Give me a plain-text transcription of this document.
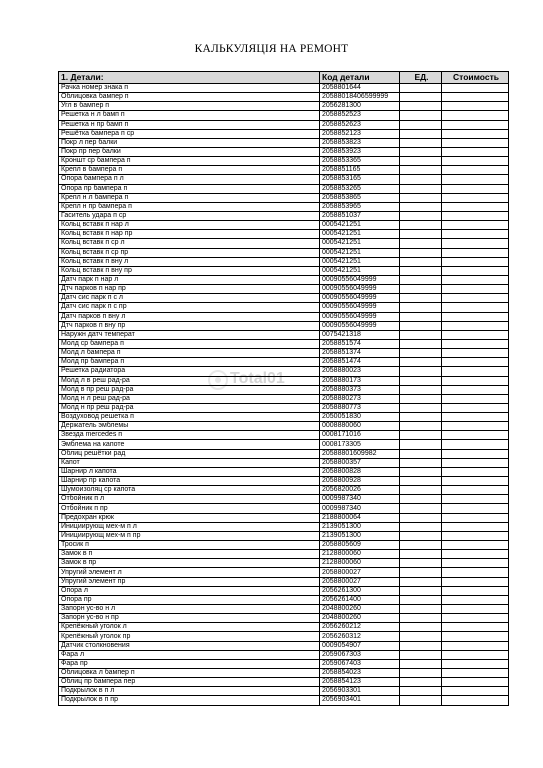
КАЛЬКУЛЯЦІЯ НА РЕМОНТ
Total01
1. Детали:	Код детали	ЕД.	Стоимость
Рачка номер знака п	2058801644		
Облицовка бампер п	20588018406599999		
Угл в бампер п	2056281300		
Решетка н л бамп п	2058852523		
Решетка н пр бамп п	2058852623		
Решётка бампера п ср	2058852123		
Покр л пер балки	2058853823		
Покр пр пер балки	2058853923		
Кроншт ср бампера п	2058853365		
Крепл в бампера п	2058851165		
Опора бампера п л	2058853165		
Опора пр бампера п	2058853265		
Крепл н л бампера п	2058853865		
Крепл н пр бампера п	2058853965		
Гаситель удара п ср	2058851037		
Кольц вставк п нар л	0005421251		
Кольц вставк п нар пр	0005421251		
Кольц вставк п ср л	0005421251		
Кольц вставк п ср пр	0005421251		
Кольц вставк п вну л	0005421251		
Кольц вставк п вну пр	0005421251		
Датч парк п нар л	00090556049999		
Дтч парков п нар пр	00090556049999		
Датч сис парк п с л	00090556049999		
Датч сис парк п с пр	00090556049999		
Датч парков п вну л	00090556049999		
Дтч парков п вну пр	00090556049999		
Наружн датч температ	0075421318		
Молд ср бампера п	2058851574		
Молд л бампера п	2058851374		
Молд пр бампера п	2058851474		
Решетка радиатора	2058880023		
Молд л в реш рад-ра	2058880173		
Молд в пр реш рад-ра	2058880373		
Молд н л реш рад-ра	2058880273		
Молд н пр реш рад-ра	2058880773		
Воздуховод решетка п	2050051830		
Держатель эмблемы	0008880060		
Звезда mercedes п	0008171016		
Эмблема на капоте	0008173305		
Облиц решётки рад	20588801609982		
Капот	2058800357		
Шарнир л капота	2058800828		
Шарнир пр капота	2058800928		
Шумоизоляц ср капота	2056820026		
Отбойник п л	0009987340		
Отбойник п пр	0009987340		
Предохран крюк	2188800064		
Инициирующ мех-м п л	2139051300		
Инициирующ мех-м п пр	2139051300		
Тросик п	2058805609		
Замок в п	2128800060		
Замок в пр	2128800060		
Упругий элемент л	2058800027		
Упругий элемент пр	2058800027		
Опора л	2056261300		
Опора пр	2056261400		
Запорн ус-во н л	2048800260		
Запорн ус-во н пр	2048800260		
Крепёжный уголок л	2056260212		
Крепёжный уголок пр	2056260312		
Датчик столкновения	0009054907		
Фара л	2059067303		
Фара пр	2059067403		
Облицовка л бампер п	2058854023		
Облиц пр бампера пер	2058854123		
Подкрылок в п л	2056903301		
Подкрылок в п пр	2056903401		
